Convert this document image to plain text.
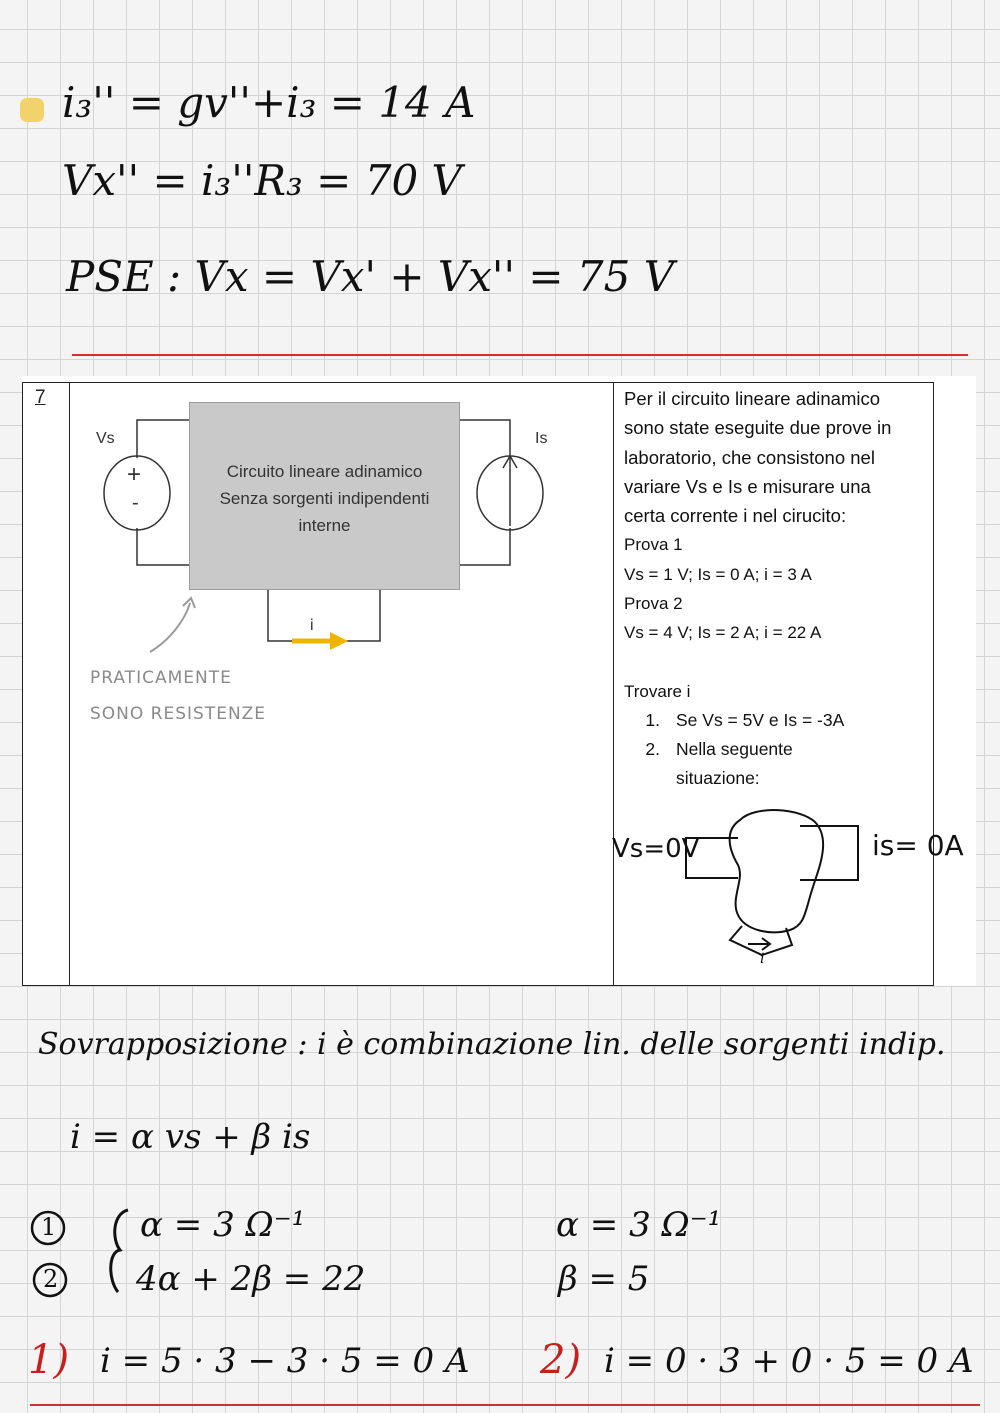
i₃'' = gv''+i₃ = 14 A
Vx'' = i₃''R₃ = 70 V
PSE : Vx = Vx' + Vx'' = 75 V
7
Circuito lineare adinamico
Senza sorgenti indipendenti
interne
Vs	Is
+
-
i
PRATICAMENTE
SONO RESISTENZE

Per il circuito lineare adinamico

sono state eseguite due prove in

laboratorio, che consistono nel

variare Vs e Is e misurare una

certa corrente i nel cirucito:

Prova 1

Vs = 1 V; Is = 0 A; i = 3 A

Prova 2

Vs = 4 V; Is = 2 A; i = 22 A

Trovare i

1. Se Vs = 5V e Is = -3A
2. Nella seguente situazione:
Vs=0V	is= 0A
i
Sovrapposizione : i è combinazione lin. delle sorgenti indip.
i = α vs + β is
1
2
α = 3 Ω⁻¹
4α + 2β = 22
α = 3 Ω⁻¹
β = 5
1) i = 5 · 3 − 3 · 5 = 0 A 2) i = 0 · 3 + 0 · 5 = 0 A
